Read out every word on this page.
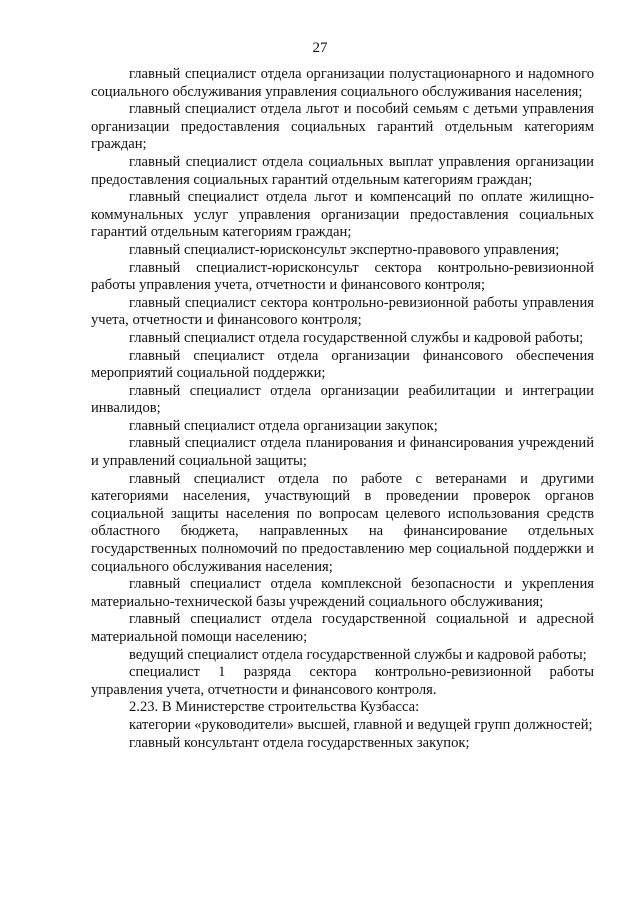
27

главный специалист отдела организации полустационарного и надомного социального обслуживания управления социального обслуживания населения;

главный специалист отдела льгот и пособий семьям с детьми управления организации предоставления социальных гарантий отдельным категориям граждан;

главный специалист отдела социальных выплат управления организации предоставления социальных гарантий отдельным категориям граждан;

главный специалист отдела льгот и компенсаций по оплате жилищно-коммунальных услуг управления организации предоставления социальных гарантий отдельным категориям граждан;

главный специалист-юрисконсульт экспертно-правового управления;

главный специалист-юрисконсульт сектора контрольно-ревизионной работы управления учета, отчетности и финансового контроля;

главный специалист сектора контрольно-ревизионной работы управления учета, отчетности и финансового контроля;

главный специалист отдела государственной службы и кадровой работы;

главный специалист отдела организации финансового обеспечения мероприятий социальной поддержки;

главный специалист отдела организации реабилитации и интеграции инвалидов;

главный специалист отдела организации закупок;

главный специалист отдела планирования и финансирования учреждений и управлений социальной защиты;

главный специалист отдела по работе с ветеранами и другими категориями населения, участвующий в проведении проверок органов социальной защиты населения по вопросам целевого использования средств областного бюджета, направленных на финансирование отдельных государственных полномочий по предоставлению мер социальной поддержки и социального обслуживания населения;

главный специалист отдела комплексной безопасности и укрепления материально-технической базы учреждений социального обслуживания;

главный специалист отдела государственной социальной и адресной материальной помощи населению;

ведущий специалист отдела государственной службы и кадровой работы;

специалист 1 разряда сектора контрольно-ревизионной работы управления учета, отчетности и финансового контроля.

2.23. В Министерстве строительства Кузбасса:

категории «руководители» высшей, главной и ведущей групп должностей;

главный консультант отдела государственных закупок;
